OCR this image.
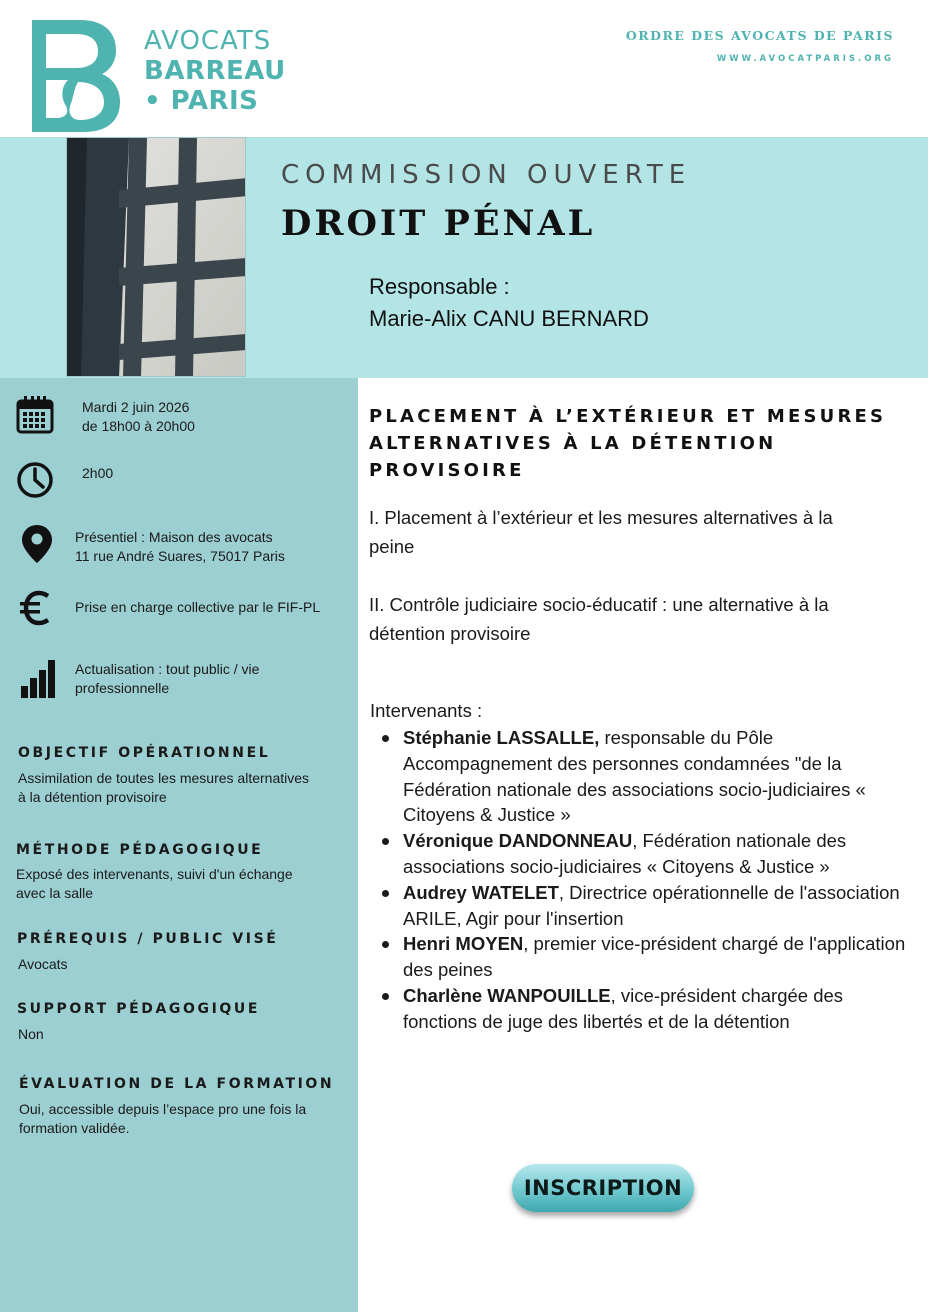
AVOCATS
BARREAU
• PARIS
ORDRE DES AVOCATS DE PARIS
WWW.AVOCATPARIS.ORG
COMMISSION OUVERTE
DROIT PÉNAL
Responsable :
Marie-Alix CANU BERNARD
Mardi 2 juin 2026
de 18h00 à 20h00
2h00
Présentiel : Maison des avocats
11 rue André Suares, 75017 Paris
Prise en charge collective par le FIF-PL
Actualisation : tout public / vie
professionnelle
OBJECTIF OPÉRATIONNEL
Assimilation de toutes les mesures alternatives
à la détention provisoire
MÉTHODE PÉDAGOGIQUE
Exposé des intervenants, suivi d'un échange
avec la salle
PRÉREQUIS / PUBLIC VISÉ
Avocats
SUPPORT PÉDAGOGIQUE
Non
ÉVALUATION DE LA FORMATION
Oui, accessible depuis l’espace pro une fois la
formation validée.
PLACEMENT À L’EXTÉRIEUR ET MESURES
ALTERNATIVES À LA DÉTENTION PROVISOIRE
I. Placement à l’extérieur et les mesures alternatives à la
peine
II. Contrôle judiciaire socio-éducatif : une alternative à la
détention provisoire
Intervenants :
Stéphanie LASSALLE, responsable du Pôle Accompagnement des personnes condamnées "de la Fédération nationale des associations socio-judiciaires « Citoyens & Justice »
Véronique DANDONNEAU, Fédération nationale des associations socio-judiciaires « Citoyens & Justice »
Audrey WATELET, Directrice opérationnelle de l'association ARILE, Agir pour l'insertion
Henri MOYEN, premier vice-président chargé de l'application des peines
Charlène WANPOUILLE, vice-président chargée des fonctions de juge des libertés et de la détention
INSCRIPTION
